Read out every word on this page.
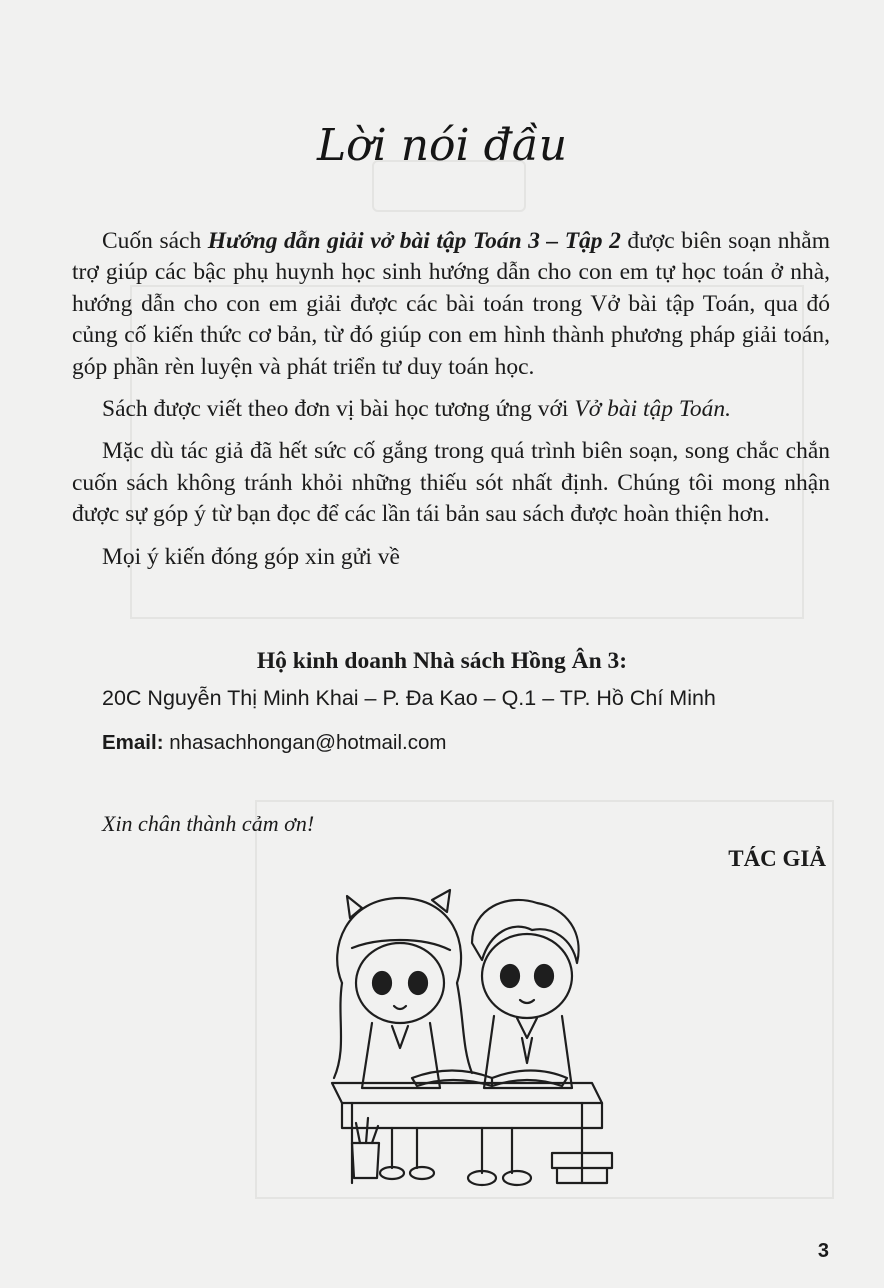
Lời nói đầu

Cuốn sách Hướng dẫn giải vở bài tập Toán 3 – Tập 2 được biên soạn nhằm trợ giúp các bậc phụ huynh học sinh hướng dẫn cho con em tự học toán ở nhà, hướng dẫn cho con em giải được các bài toán trong Vở bài tập Toán, qua đó củng cố kiến thức cơ bản, từ đó giúp con em hình thành phương pháp giải toán, góp phần rèn luyện và phát triển tư duy toán học.

Sách được viết theo đơn vị bài học tương ứng với Vở bài tập Toán.

Mặc dù tác giả đã hết sức cố gắng trong quá trình biên soạn, song chắc chắn cuốn sách không tránh khỏi những thiếu sót nhất định. Chúng tôi mong nhận được sự góp ý từ bạn đọc để các lần tái bản sau sách được hoàn thiện hơn.

Mọi ý kiến đóng góp xin gửi về

Hộ kinh doanh Nhà sách Hồng Ân 3:
20C Nguyễn Thị Minh Khai – P. Đa Kao – Q.1 – TP. Hồ Chí Minh
Email: nhasachhongan@hotmail.com
Xin chân thành cảm ơn!
TÁC GIẢ
3
